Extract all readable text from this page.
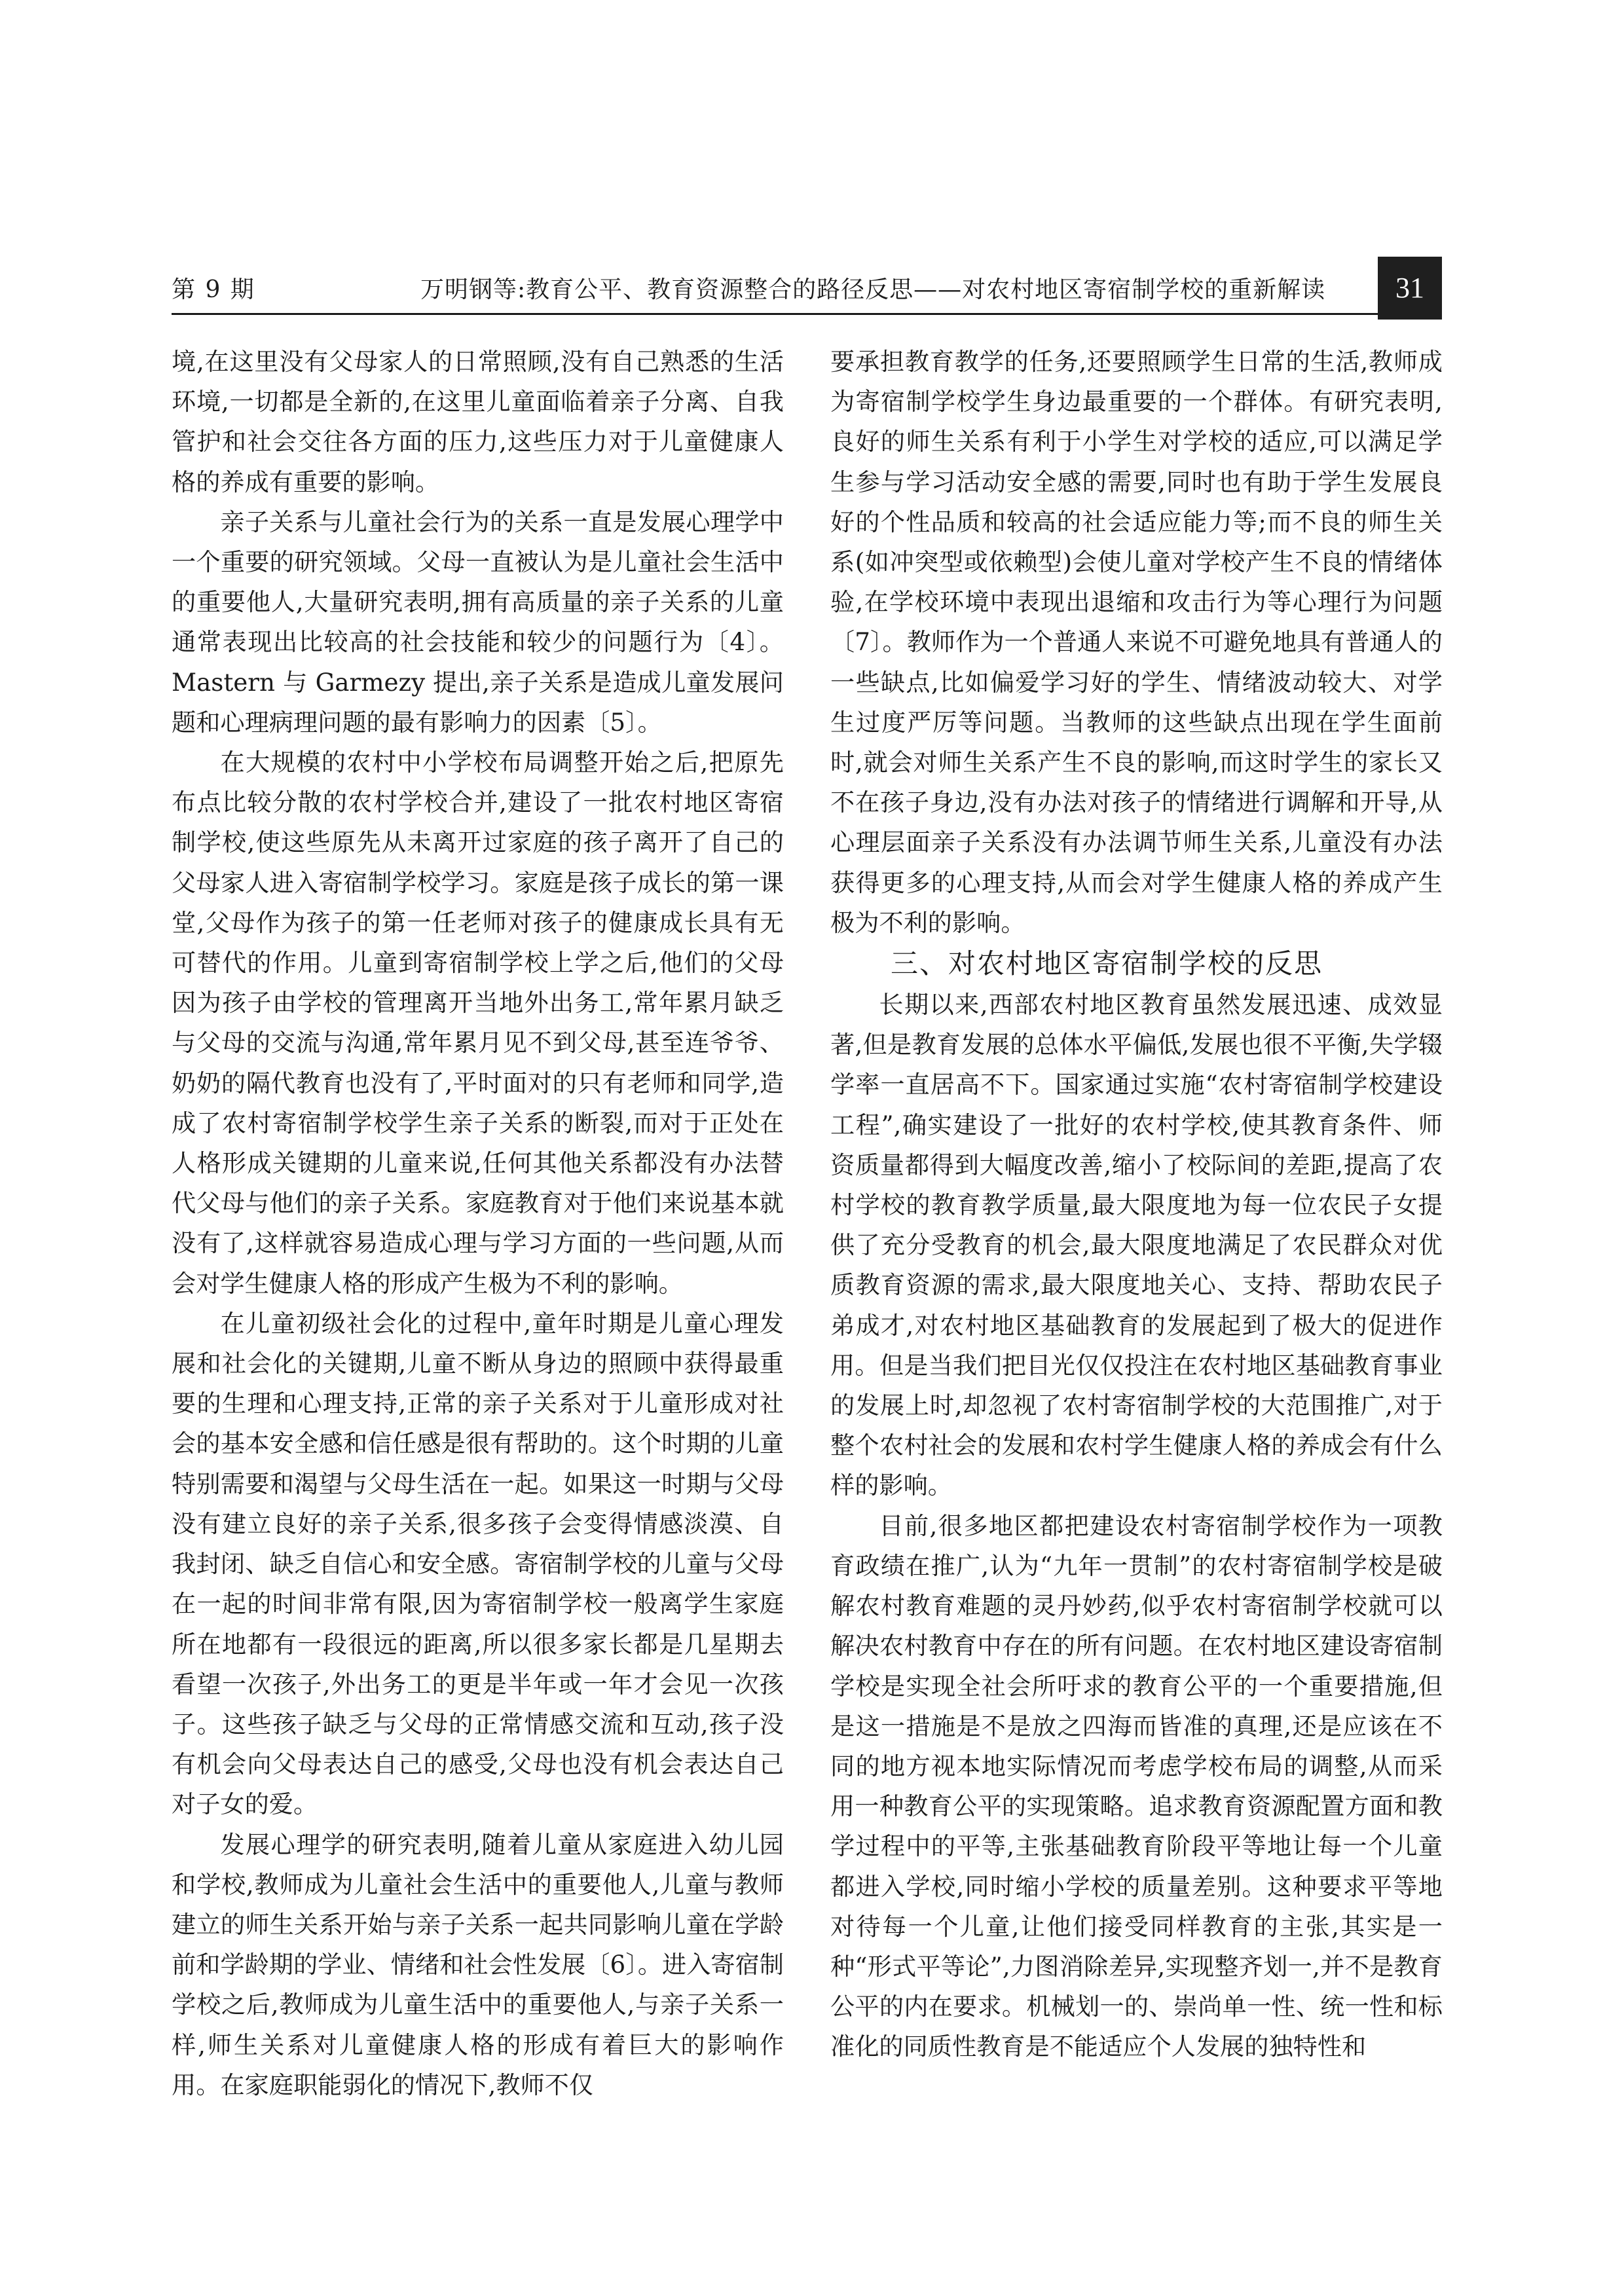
第 9 期	万明钢等:教育公平、教育资源整合的路径反思——对农村地区寄宿制学校的重新解读	31

境,在这里没有父母家人的日常照顾,没有自己熟悉的生活环境,一切都是全新的,在这里儿童面临着亲子分离、自我管护和社会交往各方面的压力,这些压力对于儿童健康人格的养成有重要的影响。

亲子关系与儿童社会行为的关系一直是发展心理学中一个重要的研究领域。父母一直被认为是儿童社会生活中的重要他人,大量研究表明,拥有高质量的亲子关系的儿童通常表现出比较高的社会技能和较少的问题行为〔4〕。Mastern 与 Garmezy 提出,亲子关系是造成儿童发展问题和心理病理问题的最有影响力的因素〔5〕。

在大规模的农村中小学校布局调整开始之后,把原先布点比较分散的农村学校合并,建设了一批农村地区寄宿制学校,使这些原先从未离开过家庭的孩子离开了自己的父母家人进入寄宿制学校学习。家庭是孩子成长的第一课堂,父母作为孩子的第一任老师对孩子的健康成长具有无可替代的作用。儿童到寄宿制学校上学之后,他们的父母因为孩子由学校的管理离开当地外出务工,常年累月缺乏与父母的交流与沟通,常年累月见不到父母,甚至连爷爷、奶奶的隔代教育也没有了,平时面对的只有老师和同学,造成了农村寄宿制学校学生亲子关系的断裂,而对于正处在人格形成关键期的儿童来说,任何其他关系都没有办法替代父母与他们的亲子关系。家庭教育对于他们来说基本就没有了,这样就容易造成心理与学习方面的一些问题,从而会对学生健康人格的形成产生极为不利的影响。

在儿童初级社会化的过程中,童年时期是儿童心理发展和社会化的关键期,儿童不断从身边的照顾中获得最重要的生理和心理支持,正常的亲子关系对于儿童形成对社会的基本安全感和信任感是很有帮助的。这个时期的儿童特别需要和渴望与父母生活在一起。如果这一时期与父母没有建立良好的亲子关系,很多孩子会变得情感淡漠、自我封闭、缺乏自信心和安全感。寄宿制学校的儿童与父母在一起的时间非常有限,因为寄宿制学校一般离学生家庭所在地都有一段很远的距离,所以很多家长都是几星期去看望一次孩子,外出务工的更是半年或一年才会见一次孩子。这些孩子缺乏与父母的正常情感交流和互动,孩子没有机会向父母表达自己的感受,父母也没有机会表达自己对子女的爱。

发展心理学的研究表明,随着儿童从家庭进入幼儿园和学校,教师成为儿童社会生活中的重要他人,儿童与教师建立的师生关系开始与亲子关系一起共同影响儿童在学龄前和学龄期的学业、情绪和社会性发展〔6〕。进入寄宿制学校之后,教师成为儿童生活中的重要他人,与亲子关系一样,师生关系对儿童健康人格的形成有着巨大的影响作用。在家庭职能弱化的情况下,教师不仅

要承担教育教学的任务,还要照顾学生日常的生活,教师成为寄宿制学校学生身边最重要的一个群体。有研究表明,良好的师生关系有利于小学生对学校的适应,可以满足学生参与学习活动安全感的需要,同时也有助于学生发展良好的个性品质和较高的社会适应能力等;而不良的师生关系(如冲突型或依赖型)会使儿童对学校产生不良的情绪体验,在学校环境中表现出退缩和攻击行为等心理行为问题〔7〕。教师作为一个普通人来说不可避免地具有普通人的一些缺点,比如偏爱学习好的学生、情绪波动较大、对学生过度严厉等问题。当教师的这些缺点出现在学生面前时,就会对师生关系产生不良的影响,而这时学生的家长又不在孩子身边,没有办法对孩子的情绪进行调解和开导,从心理层面亲子关系没有办法调节师生关系,儿童没有办法获得更多的心理支持,从而会对学生健康人格的养成产生极为不利的影响。

三、对农村地区寄宿制学校的反思

长期以来,西部农村地区教育虽然发展迅速、成效显著,但是教育发展的总体水平偏低,发展也很不平衡,失学辍学率一直居高不下。国家通过实施“农村寄宿制学校建设工程”,确实建设了一批好的农村学校,使其教育条件、师资质量都得到大幅度改善,缩小了校际间的差距,提高了农村学校的教育教学质量,最大限度地为每一位农民子女提供了充分受教育的机会,最大限度地满足了农民群众对优质教育资源的需求,最大限度地关心、支持、帮助农民子弟成才,对农村地区基础教育的发展起到了极大的促进作用。但是当我们把目光仅仅投注在农村地区基础教育事业的发展上时,却忽视了农村寄宿制学校的大范围推广,对于整个农村社会的发展和农村学生健康人格的养成会有什么样的影响。

目前,很多地区都把建设农村寄宿制学校作为一项教育政绩在推广,认为“九年一贯制”的农村寄宿制学校是破解农村教育难题的灵丹妙药,似乎农村寄宿制学校就可以解决农村教育中存在的所有问题。在农村地区建设寄宿制学校是实现全社会所吁求的教育公平的一个重要措施,但是这一措施是不是放之四海而皆准的真理,还是应该在不同的地方视本地实际情况而考虑学校布局的调整,从而采用一种教育公平的实现策略。追求教育资源配置方面和教学过程中的平等,主张基础教育阶段平等地让每一个儿童都进入学校,同时缩小学校的质量差别。这种要求平等地对待每一个儿童,让他们接受同样教育的主张,其实是一种“形式平等论”,力图消除差异,实现整齐划一,并不是教育公平的内在要求。机械划一的、崇尚单一性、统一性和标准化的同质性教育是不能适应个人发展的独特性和
